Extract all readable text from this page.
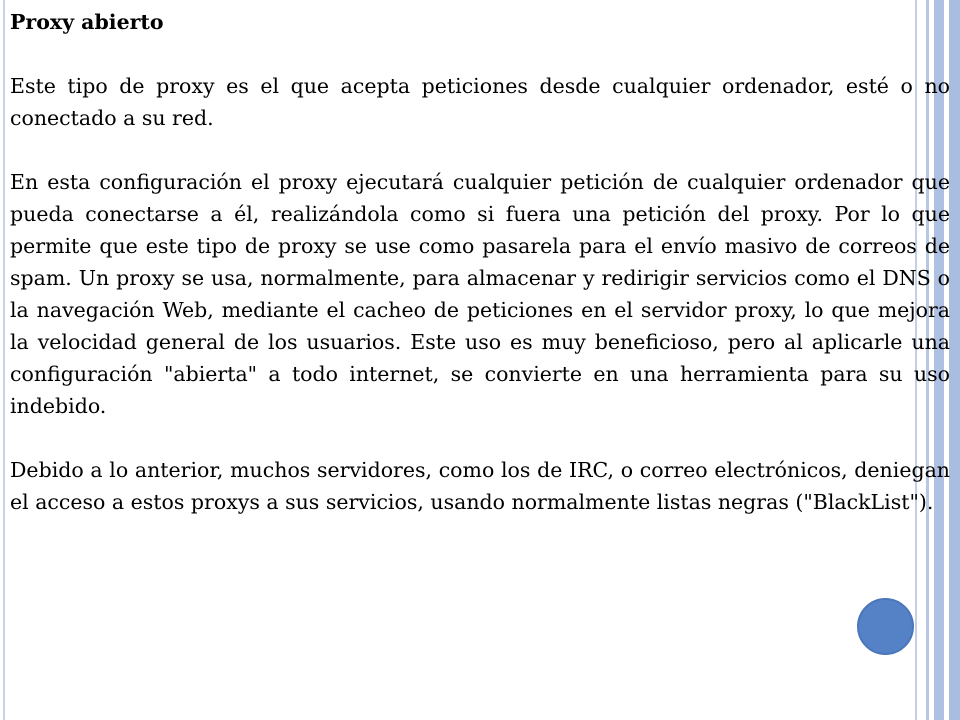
Proxy abierto

Este tipo de proxy es el que acepta peticiones desde cualquier ordenador, esté o no conectado a su red.

En esta configuración el proxy ejecutará cualquier petición de cualquier ordenador que pueda conectarse a él, realizándola como si fuera una petición del proxy. Por lo que permite que este tipo de proxy se use como pasarela para el envío masivo de correos de spam. Un proxy se usa, normalmente, para almacenar y redirigir servicios como el DNS o la navegación Web, mediante el cacheo de peticiones en el servidor proxy, lo que mejora la velocidad general de los usuarios. Este uso es muy beneficioso, pero al aplicarle una configuración "abierta" a todo internet, se convierte en una herramienta para su uso indebido.

Debido a lo anterior, muchos servidores, como los de IRC, o correo electrónicos, deniegan el acceso a estos proxys a sus servicios, usando normalmente listas negras ("BlackList").
